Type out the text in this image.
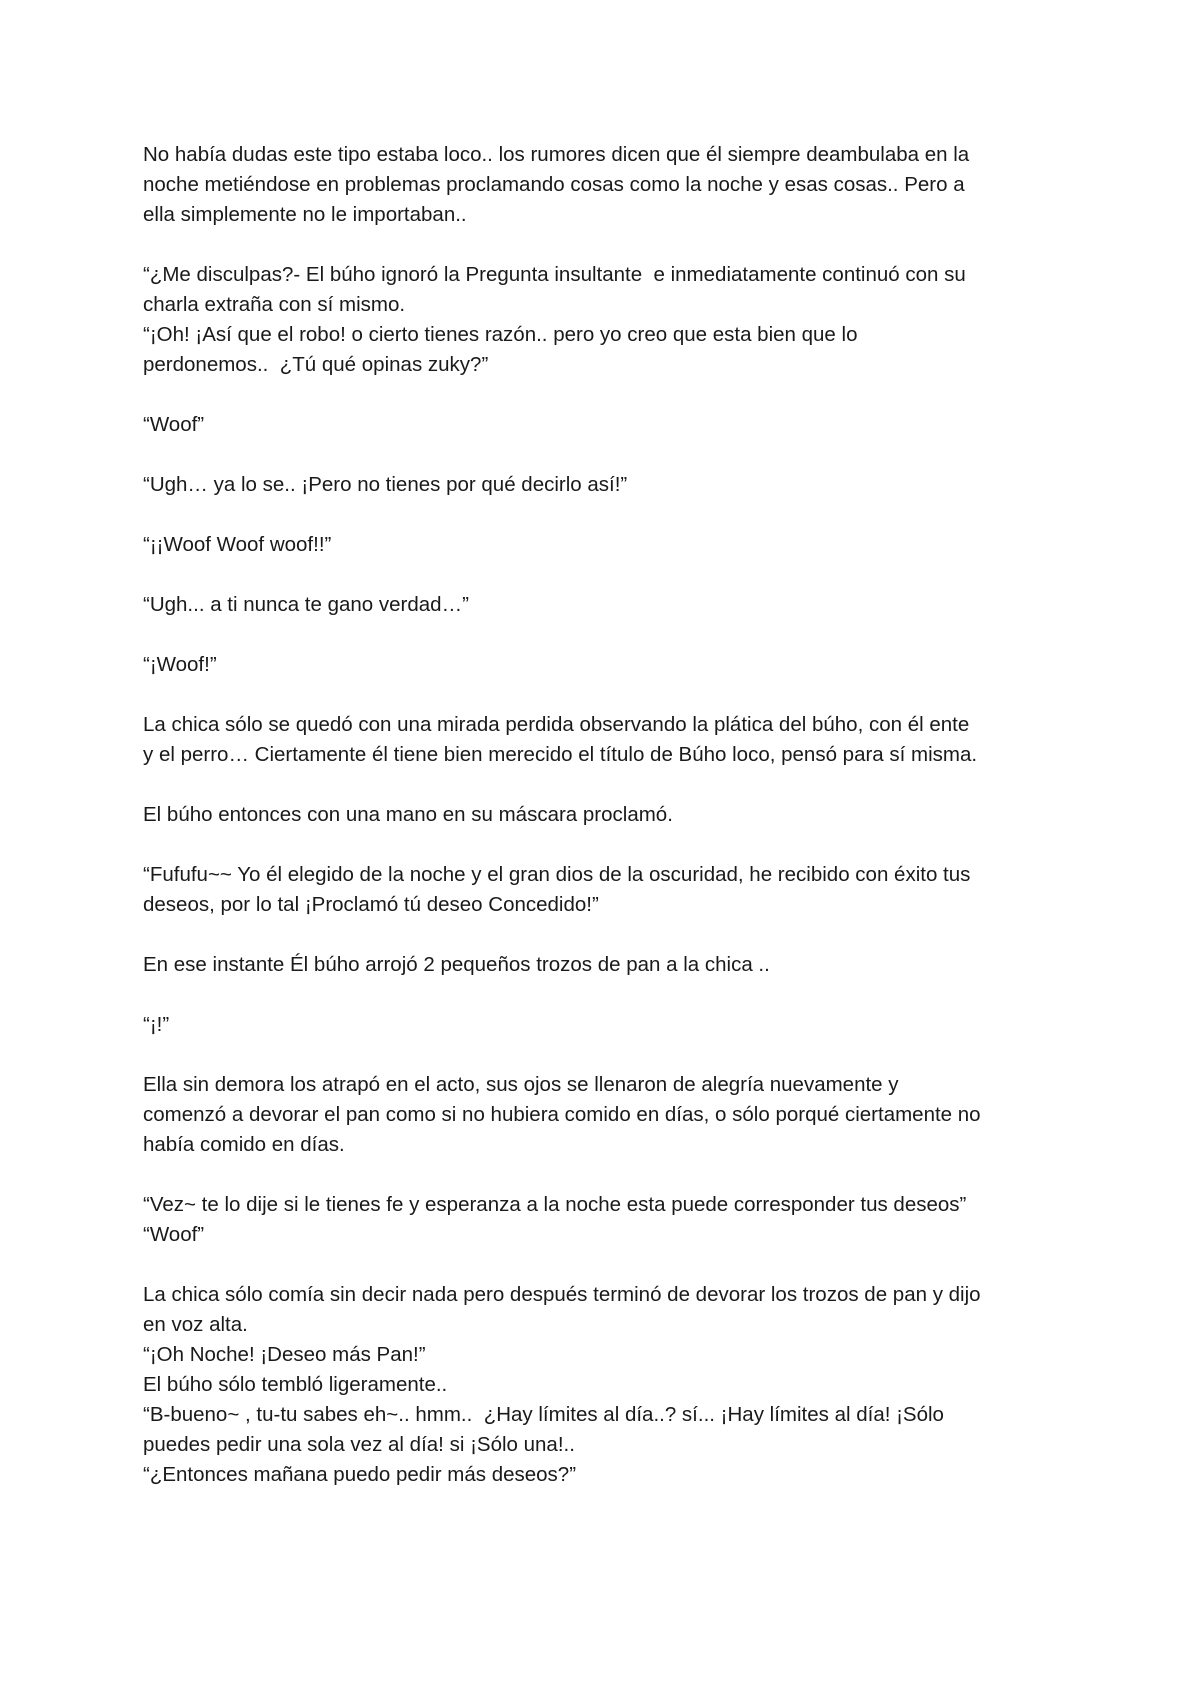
No había dudas este tipo estaba loco.. los rumores dicen que él siempre deambulaba en la
noche metiéndose en problemas proclamando cosas como la noche y esas cosas.. Pero a
ella simplemente no le importaban..
“¿Me disculpas?- El búho ignoró la Pregunta insultante  e inmediatamente continuó con su
charla extraña con sí mismo.
“¡Oh! ¡Así que el robo! o cierto tienes razón.. pero yo creo que esta bien que lo
perdonemos..  ¿Tú qué opinas zuky?”
“Woof”
“Ugh… ya lo se.. ¡Pero no tienes por qué decirlo así!”
“¡¡Woof Woof woof!!”
“Ugh... a ti nunca te gano verdad…”
“¡Woof!”
La chica sólo se quedó con una mirada perdida observando la plática del búho, con él ente
y el perro… Ciertamente él tiene bien merecido el título de Búho loco, pensó para sí misma.
El búho entonces con una mano en su máscara proclamó.
“Fufufu~~ Yo él elegido de la noche y el gran dios de la oscuridad, he recibido con éxito tus
deseos, por lo tal ¡Proclamó tú deseo Concedido!”
En ese instante Él búho arrojó 2 pequeños trozos de pan a la chica ..
“¡!”
Ella sin demora los atrapó en el acto, sus ojos se llenaron de alegría nuevamente y
comenzó a devorar el pan como si no hubiera comido en días, o sólo porqué ciertamente no
había comido en días.
“Vez~ te lo dije si le tienes fe y esperanza a la noche esta puede corresponder tus deseos”
“Woof”
La chica sólo comía sin decir nada pero después terminó de devorar los trozos de pan y dijo
en voz alta.
“¡Oh Noche! ¡Deseo más Pan!”
El búho sólo tembló ligeramente..
“B-bueno~ , tu-tu sabes eh~.. hmm..  ¿Hay límites al día..? sí... ¡Hay límites al día! ¡Sólo
puedes pedir una sola vez al día! si ¡Sólo una!..
“¿Entonces mañana puedo pedir más deseos?”
